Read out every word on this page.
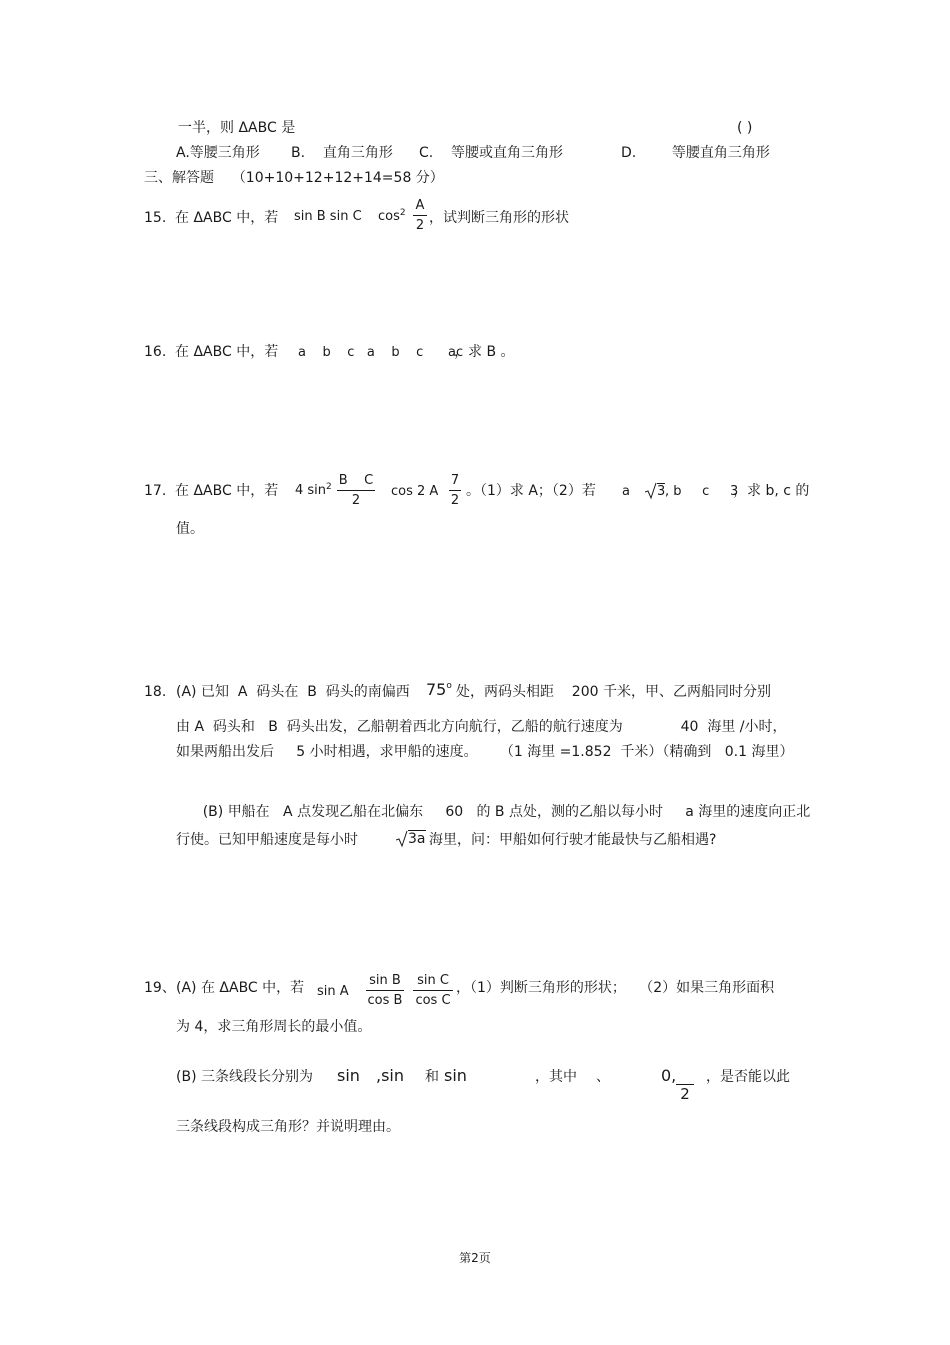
一半，则 ΔABC 是	( )
A.等腰三角形 B. 直角三角形 C. 等腰或直角三角形	D.	等腰直角三角形
三、解答题 （10+10+12+12+14=58 分）
15. 在 ΔABC 中，若 sin B sin C $\cos^2 A$
2 ，试判断三角形的形状
16. 在 ΔABC 中，若 a    b    c   a    b    c      ac
，求 B 。
17. 在 ΔABC 中，若 4 $\sin^2 B$    C
2
cos 2 A
7
2
。（1）求 A；（2）若 a	3 , b     c     3
，求 b, c 的
值。
18. (A) 已知  A  码头在  B  码头的南偏西 75$^o$ 处，两码头相距    200 千米，甲、乙两船同时分别
由 A  码头和   B  码头出发，乙船朝着西北方向航行，乙船的航行速度为             40  海里 /小时，
如果两船出发后     5 小时相遇，求甲船的速度。     （1 海里 =1.852  千米）（精确到   0.1 海里）

(B) 甲船在   A 点发现乙船在北偏东     60   的 B 点处，测的乙船以每小时     a 海里的速度向正北

行使。已知甲船速度是每小时	3a 海里，问：甲船如何行驶才能最快与乙船相遇?
19、 (A) 在 ΔABC 中，若 sin A
sin B
cos B
sin C
cos C
，（1）判断三角形的形状；   （2）如果三角形面积
为 4，求三角形周长的最小值。
(B) 三条线段长分别为 sin ,sin 和 sin	，其中 、	0,

2
，是否能以此
三条线段构成三角形？并说明理由。
第2页
